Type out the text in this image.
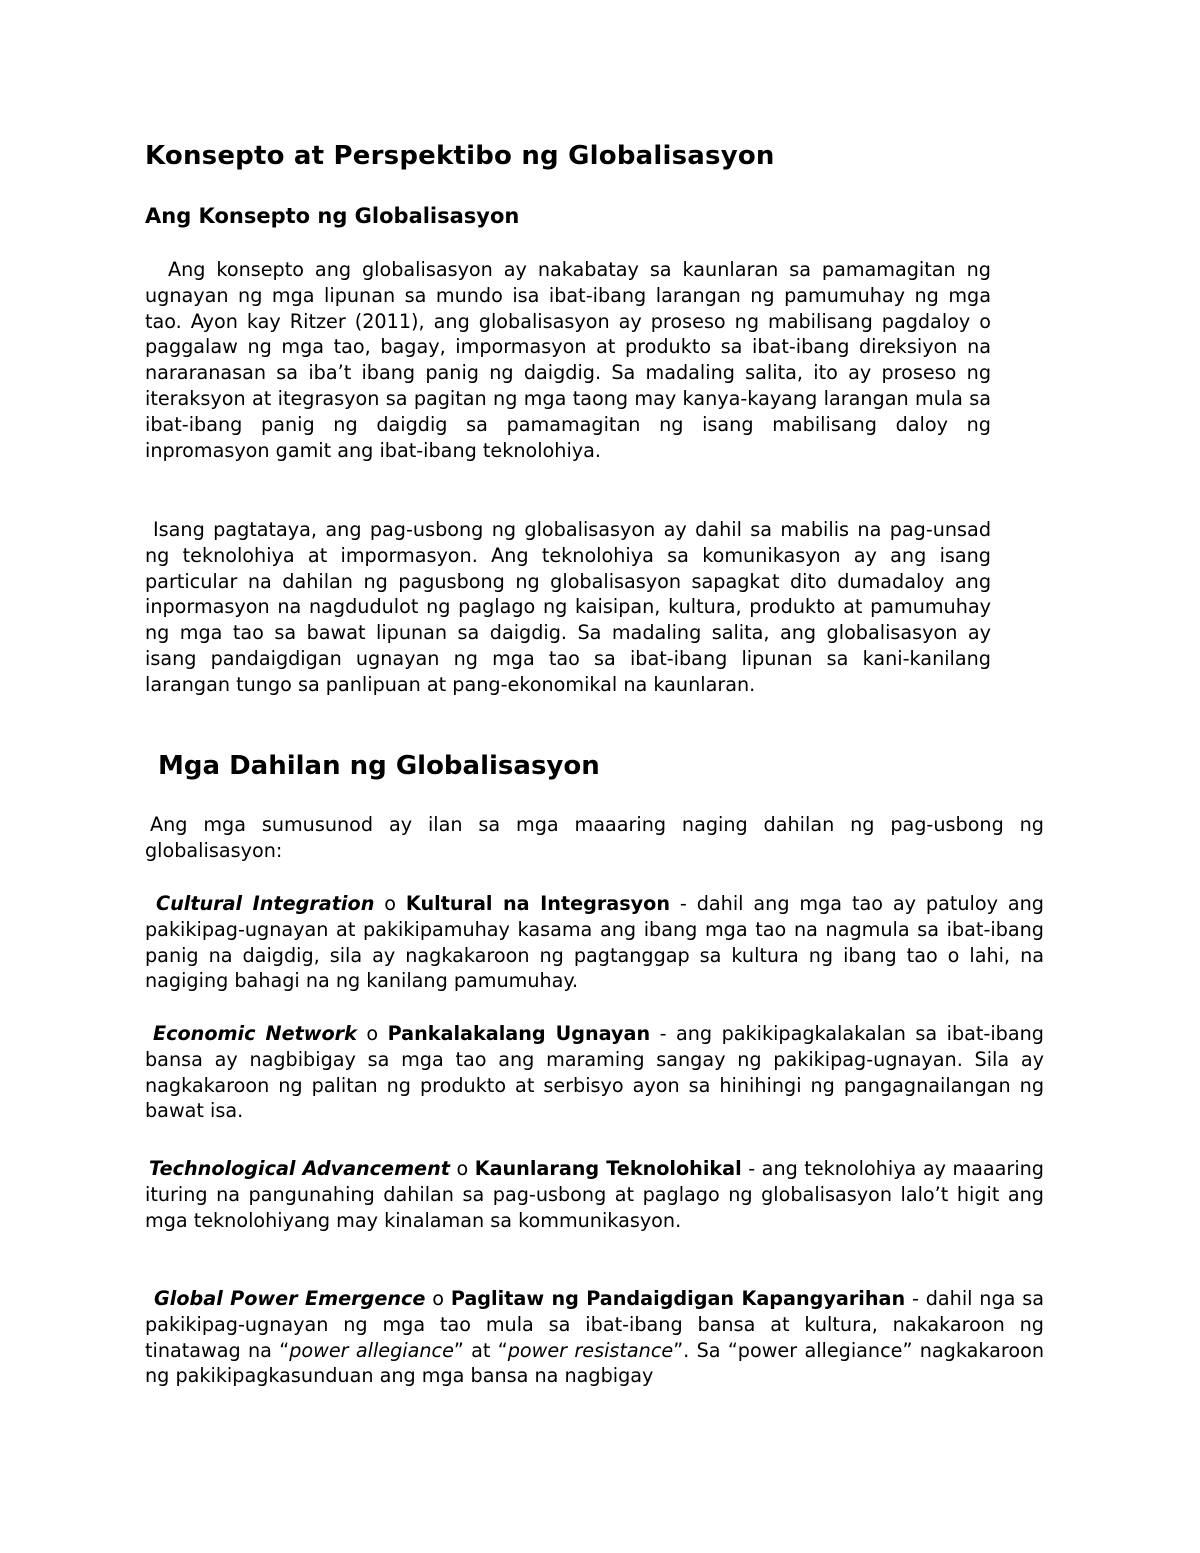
Konsepto at Perspektibo ng Globalisasyon
Ang Konsepto ng Globalisasyon

Ang konsepto ang globalisasyon ay nakabatay sa kaunlaran sa pamamagitan ng ugnayan ng mga lipunan sa mundo isa ibat-ibang larangan ng pamumuhay ng mga tao. Ayon kay Ritzer (2011), ang globalisasyon ay proseso ng mabilisang pagdaloy o paggalaw ng mga tao, bagay, impormasyon at produkto sa ibat-ibang direksiyon na nararanasan sa iba’t ibang panig ng daigdig. Sa madaling salita, ito ay proseso ng iteraksyon at itegrasyon sa pagitan ng mga taong may kanya-kayang larangan mula sa ibat-ibang panig ng daigdig sa pamamagitan ng isang mabilisang daloy ng inpromasyon gamit ang ibat-ibang teknolohiya.

Isang pagtataya, ang pag-usbong ng globalisasyon ay dahil sa mabilis na pag-unsad ng teknolohiya at impormasyon. Ang teknolohiya sa komunikasyon ay ang isang particular na dahilan ng pagusbong ng globalisasyon sapagkat dito dumadaloy ang inpormasyon na nagdudulot ng paglago ng kaisipan, kultura, produkto at pamumuhay ng mga tao sa bawat lipunan sa daigdig. Sa madaling salita, ang globalisasyon ay isang pandaigdigan ugnayan ng mga tao sa ibat-ibang lipunan sa kani-kanilang larangan tungo sa panlipuan at pang-ekonomikal na kaunlaran.

Mga Dahilan ng Globalisasyon

Ang mga sumusunod ay ilan sa mga maaaring naging dahilan ng pag-usbong ng globalisasyon:

Cultural Integration o Kultural na Integrasyon - dahil ang mga tao ay patuloy ang pakikipag-ugnayan at pakikipamuhay kasama ang ibang mga tao na nagmula sa ibat-ibang panig na daigdig, sila ay nagkakaroon ng pagtanggap sa kultura ng ibang tao o lahi, na nagiging bahagi na ng kanilang pamumuhay.

Economic Network o Pankalakalang Ugnayan - ang pakikipagkalakalan sa ibat-ibang bansa ay nagbibigay sa mga tao ang maraming sangay ng pakikipag-ugnayan. Sila ay nagkakaroon ng palitan ng produkto at serbisyo ayon sa hinihingi ng pangagnailangan ng bawat isa.

Technological Advancement o Kaunlarang Teknolohikal - ang teknolohiya ay maaaring ituring na pangunahing dahilan sa pag-usbong at paglago ng globalisasyon lalo’t higit ang mga teknolohiyang may kinalaman sa kommunikasyon.

Global Power Emergence o Paglitaw ng Pandaigdigan Kapangyarihan - dahil nga sa pakikipag-ugnayan ng mga tao mula sa ibat-ibang bansa at kultura, nakakaroon ng tinatawag na “power allegiance” at “power resistance”. Sa “power allegiance” nagkakaroon ng pakikipagkasunduan ang mga bansa na nagbigay
